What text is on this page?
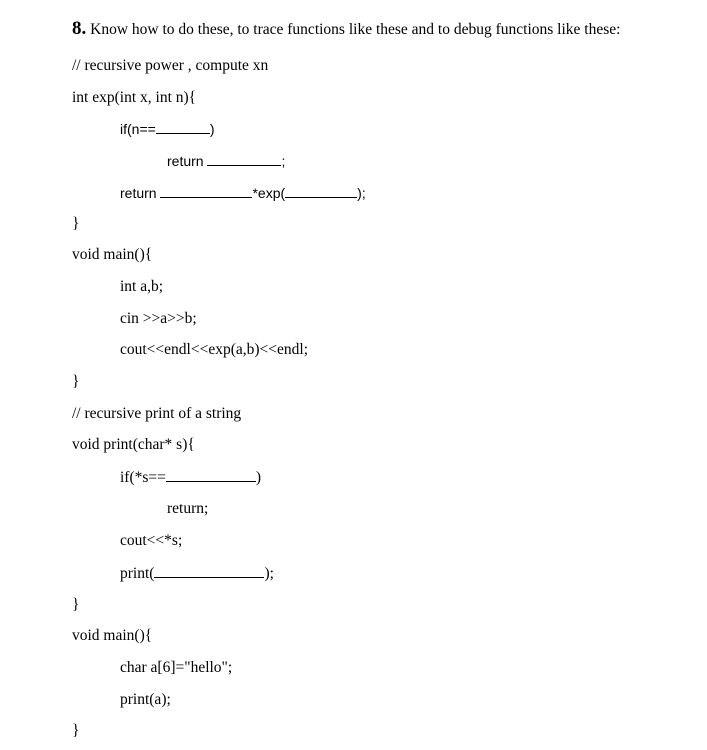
8. Know how to do these, to trace functions like these and to debug functions like these:
// recursive power , compute xn
int exp(int x, int n){
if(n==	)
return	;
return	*exp(	);
}
void main(){
int a,b;
cin >>a>>b;
cout<<endl<<exp(a,b)<<endl;
}
// recursive print of a string
void print(char* s){
if(*s==	)
return;
cout<<*s;
print(	);
}
void main(){
char a[6]="hello";
print(a);
}
